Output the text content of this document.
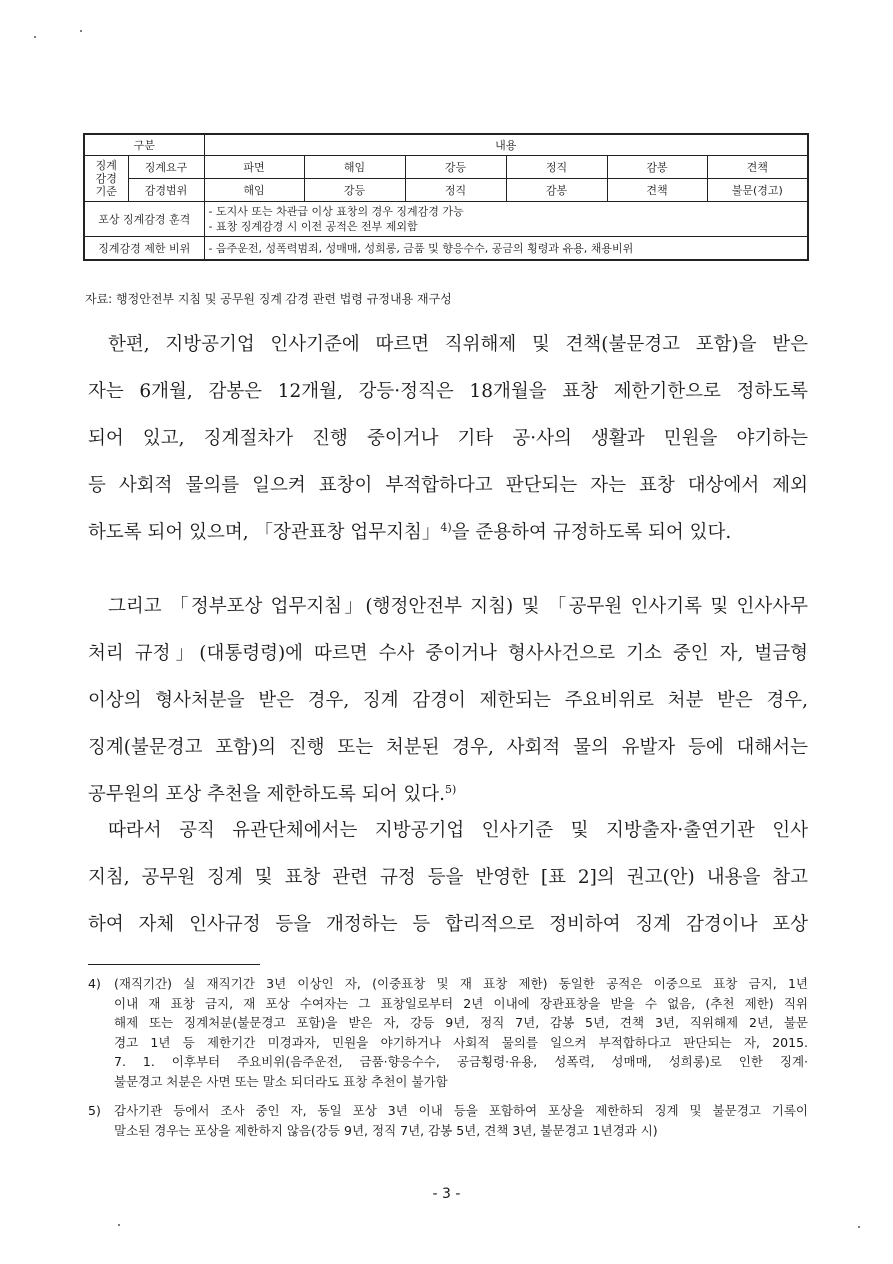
구분		내용					
징계
감경
기준	징계요구	파면	해임	강등	정직	감봉	견책
	감경범위	해임	강등	정직	감봉	견책	불문(경고)
포상 징계감경 훈격		- 도지사 또는 차관급 이상 표창의 경우 징계감경 가능
- 표창 징계감경 시 이전 공적은 전부 제외함					
징계감경 제한 비위		- 음주운전, 성폭력범죄, 성매매, 성희롱, 금품 및 향응수수, 공금의 횡령과 유용, 채용비위					
자료: 행정안전부 지침 및 공무원 징계 감경 관련 법령 규정내용 재구성
한편, 지방공기업 인사기준에 따르면 직위해제 및 견책(불문경고 포함)을 받은
자는 6개월, 감봉은 12개월, 강등·정직은 18개월을 표창 제한기한으로 정하도록
되어 있고, 징계절차가 진행 중이거나 기타 공·사의 생활과 민원을 야기하는
등 사회적 물의를 일으켜 표창이 부적합하다고 판단되는 자는 표창 대상에서 제외
하도록 되어 있으며, 「장관표창 업무지침」$^{4)}$을 준용하여 규정하도록 되어 있다.
그리고 「정부포상 업무지침」(행정안전부 지침) 및 「공무원 인사기록 및 인사사무
처리 규정」(대통령령)에 따르면 수사 중이거나 형사사건으로 기소 중인 자, 벌금형
이상의 형사처분을 받은 경우, 징계 감경이 제한되는 주요비위로 처분 받은 경우,
징계(불문경고 포함)의 진행 또는 처분된 경우, 사회적 물의 유발자 등에 대해서는
공무원의 포상 추천을 제한하도록 되어 있다.$^{5)}$
따라서 공직 유관단체에서는 지방공기업 인사기준 및 지방출자·출연기관 인사
지침, 공무원 징계 및 표창 관련 규정 등을 반영한 [표 2]의 권고(안) 내용을 참고
하여 자체 인사규정 등을 개정하는 등 합리적으로 정비하여 징계 감경이나 포상
4) (재직기간) 실 재직기간 3년 이상인 자, (이중표창 및 재 표창 제한) 동일한 공적은 이중으로 표창 금지, 1년
이내 재 표창 금지, 재 포상 수여자는 그 표창일로부터 2년 이내에 장관표창을 받을 수 없음, (추천 제한) 직위
해제 또는 징계처분(불문경고 포함)을 받은 자, 강등 9년, 정직 7년, 감봉 5년, 견책 3년, 직위해제 2년, 불문
경고 1년 등 제한기간 미경과자, 민원을 야기하거나 사회적 물의를 일으켜 부적합하다고 판단되는 자, 2015.
7. 1. 이후부터 주요비위(음주운전, 금품·향응수수, 공금횡령·유용, 성폭력, 성매매, 성희롱)로 인한 징계·
불문경고 처분은 사면 또는 말소 되더라도 표창 추천이 불가함
5) 감사기관 등에서 조사 중인 자, 동일 포상 3년 이내 등을 포함하여 포상을 제한하되 징계 및 불문경고 기록이
말소된 경우는 포상을 제한하지 않음(강등 9년, 정직 7년, 감봉 5년, 견책 3년, 불문경고 1년경과 시)
- 3 -
